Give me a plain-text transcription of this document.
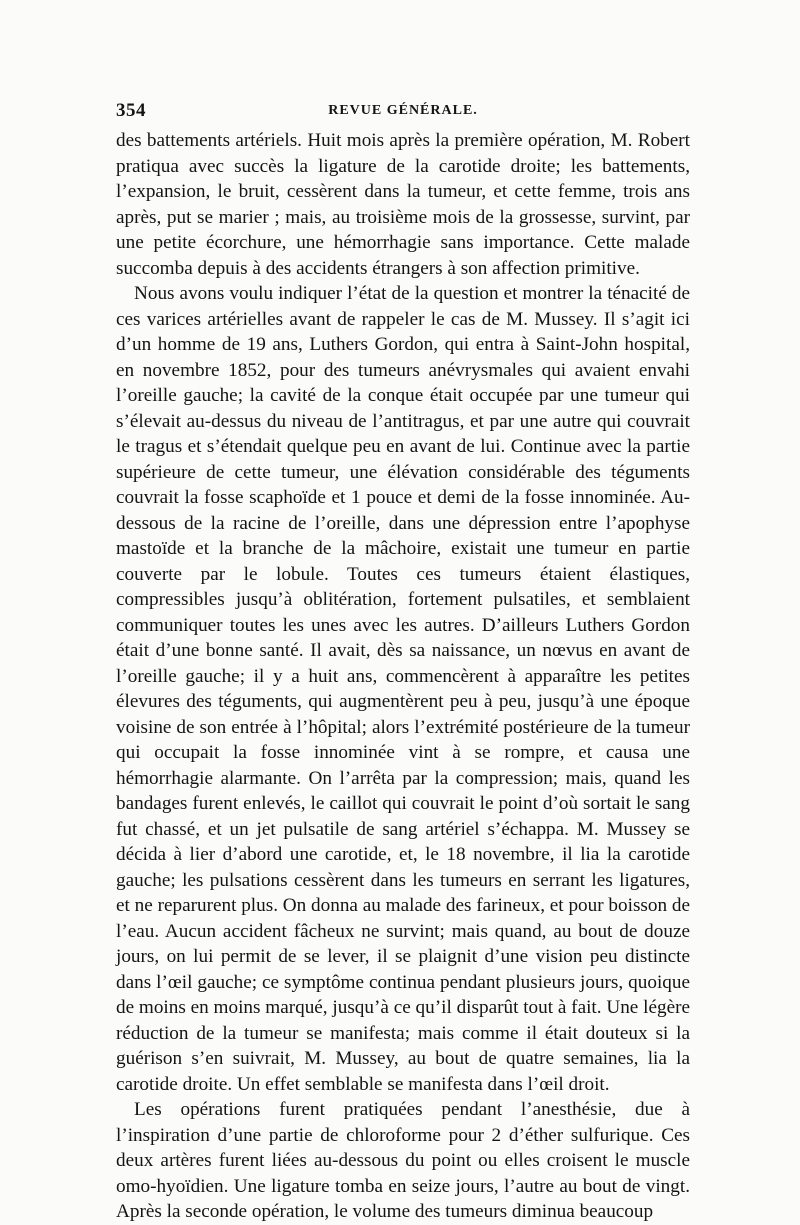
354	REVUE GÉNÉRALE.

des battements artériels. Huit mois après la première opération, M. Robert pratiqua avec succès la ligature de la carotide droite; les battements, l’expansion, le bruit, cessèrent dans la tumeur, et cette femme, trois ans après, put se marier ; mais, au troisième mois de la grossesse, survint, par une petite écorchure, une hémorrhagie sans importance. Cette malade succomba depuis à des accidents étrangers à son affection primitive.

Nous avons voulu indiquer l’état de la question et montrer la ténacité de ces varices artérielles avant de rappeler le cas de M. Mussey. Il s’agit ici d’un homme de 19 ans, Luthers Gordon, qui entra à Saint-John hospital, en novembre 1852, pour des tumeurs anévrysmales qui avaient envahi l’oreille gauche; la cavité de la conque était occupée par une tumeur qui s’élevait au-dessus du niveau de l’antitragus, et par une autre qui couvrait le tragus et s’étendait quelque peu en avant de lui. Continue avec la partie supérieure de cette tumeur, une élévation considérable des téguments couvrait la fosse scaphoïde et 1 pouce et demi de la fosse innominée. Au-dessous de la racine de l’oreille, dans une dépression entre l’apophyse mastoïde et la branche de la mâchoire, existait une tumeur en partie couverte par le lobule. Toutes ces tumeurs étaient élastiques, compressibles jusqu’à oblitération, fortement pulsatiles, et semblaient communiquer toutes les unes avec les autres. D’ailleurs Luthers Gordon était d’une bonne santé. Il avait, dès sa naissance, un nœvus en avant de l’oreille gauche; il y a huit ans, commencèrent à apparaître les petites élevures des téguments, qui augmentèrent peu à peu, jusqu’à une époque voisine de son entrée à l’hôpital; alors l’extrémité postérieure de la tumeur qui occupait la fosse innominée vint à se rompre, et causa une hémorrhagie alarmante. On l’arrêta par la compression; mais, quand les bandages furent enlevés, le caillot qui couvrait le point d’où sortait le sang fut chassé, et un jet pulsatile de sang artériel s’échappa. M. Mussey se décida à lier d’abord une carotide, et, le 18 novembre, il lia la carotide gauche; les pulsations cessèrent dans les tumeurs en serrant les ligatures, et ne reparurent plus. On donna au malade des farineux, et pour boisson de l’eau. Aucun accident fâcheux ne survint; mais quand, au bout de douze jours, on lui permit de se lever, il se plaignit d’une vision peu distincte dans l’œil gauche; ce symptôme continua pendant plusieurs jours, quoique de moins en moins marqué, jusqu’à ce qu’il disparût tout à fait. Une légère réduction de la tumeur se manifesta; mais comme il était douteux si la guérison s’en suivrait, M. Mussey, au bout de quatre semaines, lia la carotide droite. Un effet semblable se manifesta dans l’œil droit.

Les opérations furent pratiquées pendant l’anesthésie, due à l’inspiration d’une partie de chloroforme pour 2 d’éther sulfurique. Ces deux artères furent liées au-dessous du point ou elles croisent le muscle omo-hyoïdien. Une ligature tomba en seize jours, l’autre au bout de vingt. Après la seconde opération, le volume des tumeurs diminua beaucoup
